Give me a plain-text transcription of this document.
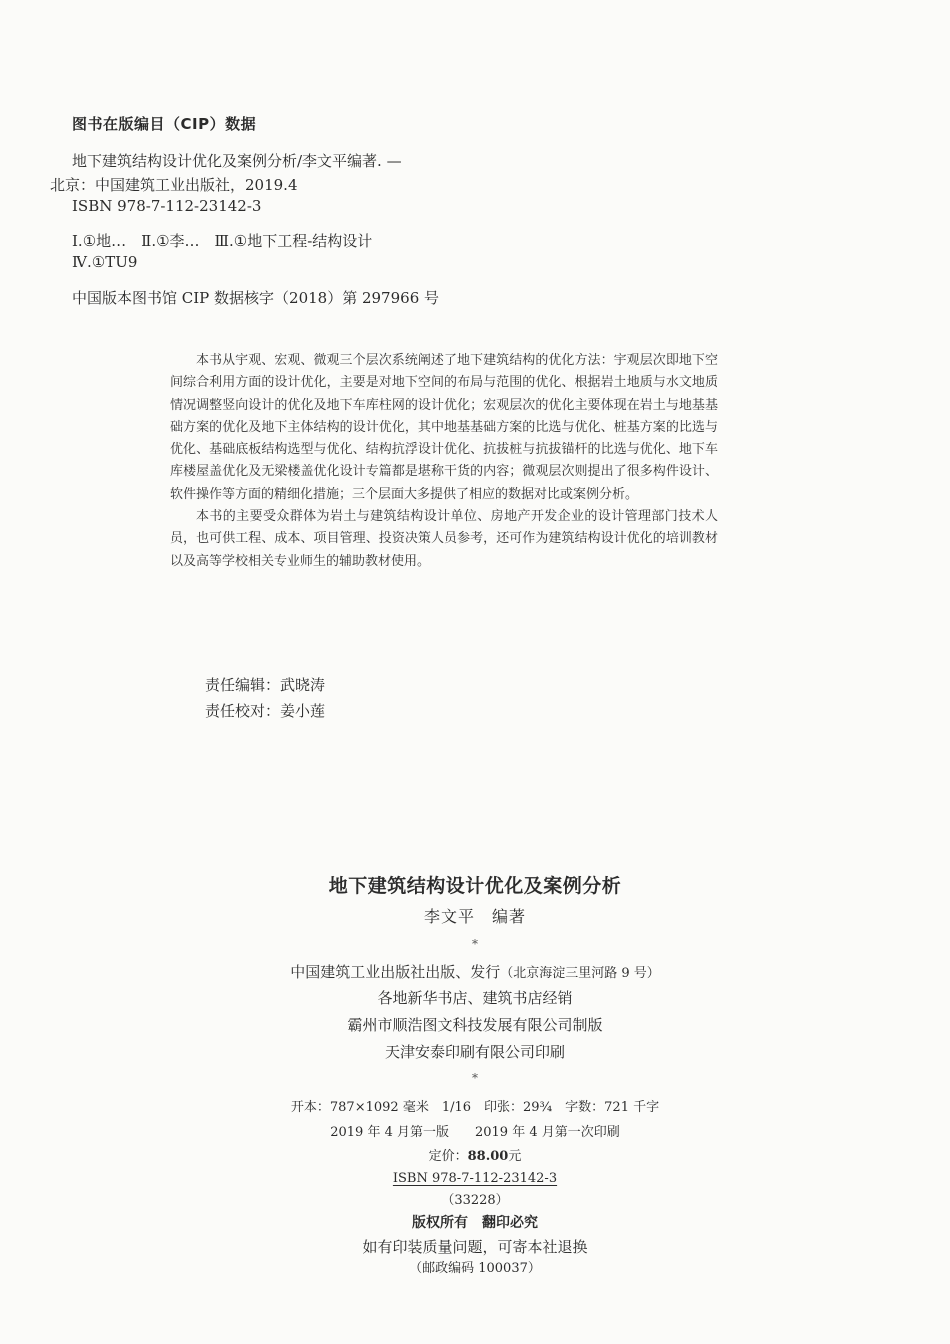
图书在版编目（CIP）数据
地下建筑结构设计优化及案例分析/李文平编著. —
北京：中国建筑工业出版社，2019.4
ISBN 978-7-112-23142-3
Ⅰ.①地…　Ⅱ.①李…　Ⅲ.①地下工程-结构设计
Ⅳ.①TU9
中国版本图书馆 CIP 数据核字（2018）第 297966 号

本书从宇观、宏观、微观三个层次系统阐述了地下建筑结构的优化方法：宇观层次即地下空间综合利用方面的设计优化，主要是对地下空间的布局与范围的优化、根据岩土地质与水文地质情况调整竖向设计的优化及地下车库柱网的设计优化；宏观层次的优化主要体现在岩土与地基基础方案的优化及地下主体结构的设计优化，其中地基基础方案的比选与优化、桩基方案的比选与优化、基础底板结构选型与优化、结构抗浮设计优化、抗拔桩与抗拔锚杆的比选与优化、地下车库楼屋盖优化及无梁楼盖优化设计专篇都是堪称干货的内容；微观层次则提出了很多构件设计、软件操作等方面的精细化措施；三个层面大多提供了相应的数据对比或案例分析。

本书的主要受众群体为岩土与建筑结构设计单位、房地产开发企业的设计管理部门技术人员，也可供工程、成本、项目管理、投资决策人员参考，还可作为建筑结构设计优化的培训教材以及高等学校相关专业师生的辅助教材使用。

责任编辑：武晓涛
责任校对：姜小莲
地下建筑结构设计优化及案例分析
李文平　编著
*
中国建筑工业出版社出版、发行（北京海淀三里河路 9 号）
各地新华书店、建筑书店经销
霸州市顺浩图文科技发展有限公司制版
天津安泰印刷有限公司印刷
*
开本：787×1092 毫米　1/16　印张：29¾　字数：721 千字
2019 年 4 月第一版　　2019 年 4 月第一次印刷
定价：88.00元
ISBN 978-7-112-23142-3
（33228）
版权所有 翻印必究
如有印装质量问题，可寄本社退换
（邮政编码 100037）
